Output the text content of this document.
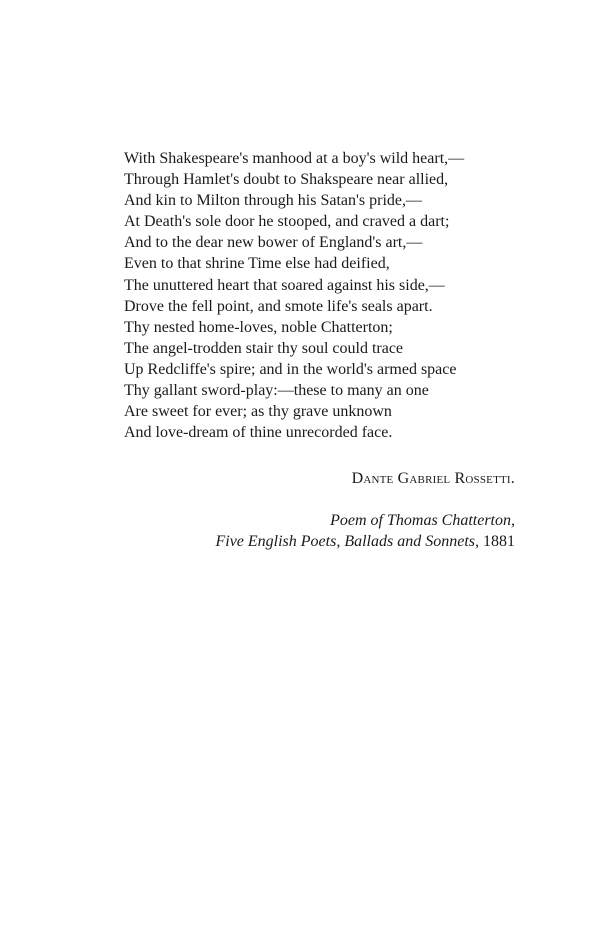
With Shakespeare's manhood at a boy's wild heart,—
Through Hamlet's doubt to Shakspeare near allied,
And kin to Milton through his Satan's pride,—
At Death's sole door he stooped, and craved a dart;
And to the dear new bower of England's art,—
Even to that shrine Time else had deified,
The unuttered heart that soared against his side,—
Drove the fell point, and smote life's seals apart.
Thy nested home-loves, noble Chatterton;
The angel-trodden stair thy soul could trace
Up Redcliffe's spire; and in the world's armed space
Thy gallant sword-play:—these to many an one
Are sweet for ever; as thy grave unknown
And love-dream of thine unrecorded face.
Dante Gabriel Rossetti.
Poem of Thomas Chatterton,
Five English Poets, Ballads and Sonnets, 1881
